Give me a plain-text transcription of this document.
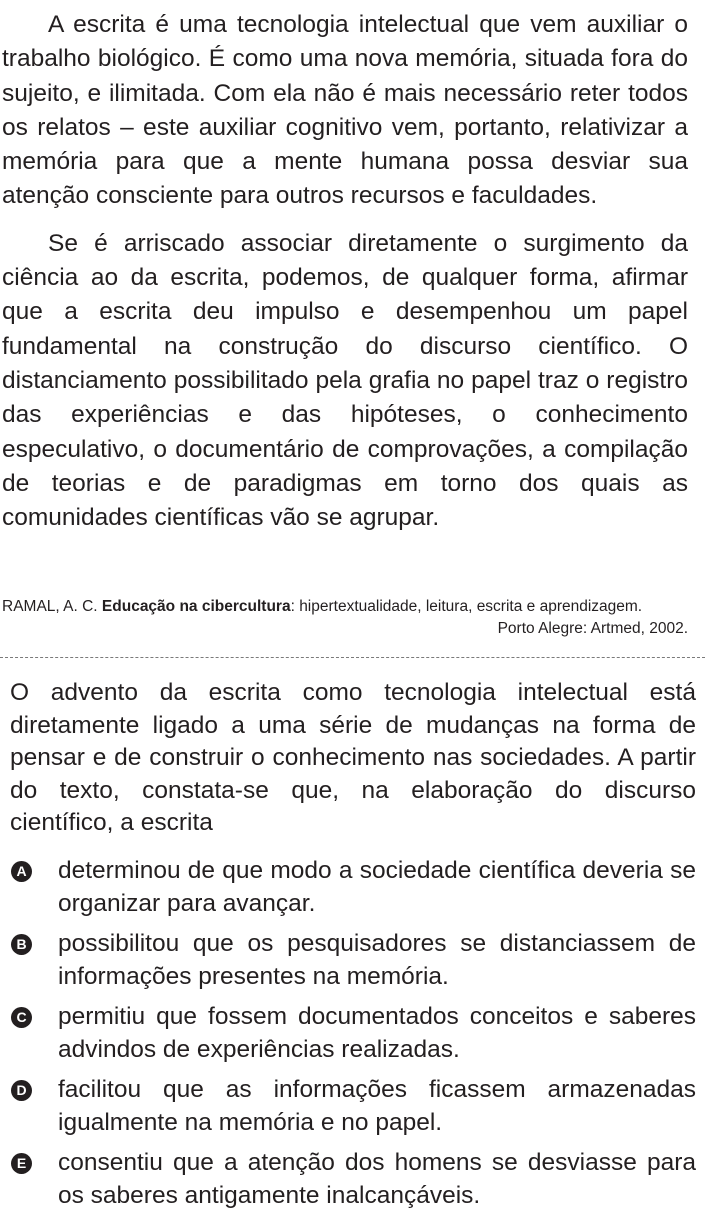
A escrita é uma tecnologia intelectual que vem auxiliar o trabalho biológico. É como uma nova memória, situada fora do sujeito, e ilimitada. Com ela não é mais necessário reter todos os relatos – este auxiliar cognitivo vem, portanto, relativizar a memória para que a mente humana possa desviar sua atenção consciente para outros recursos e faculdades.

Se é arriscado associar diretamente o surgimento da ciência ao da escrita, podemos, de qualquer forma, afirmar que a escrita deu impulso e desempenhou um papel fundamental na construção do discurso científico. O distanciamento possibilitado pela grafia no papel traz o registro das experiências e das hipóteses, o conhecimento especulativo, o documentário de comprovações, a compilação de teorias e de paradigmas em torno dos quais as comunidades científicas vão se agrupar.

RAMAL, A. C. Educação na cibercultura: hipertextualidade, leitura, escrita e aprendizagem.
Porto Alegre: Artmed, 2002.

O advento da escrita como tecnologia intelectual está diretamente ligado a uma série de mudanças na forma de pensar e de construir o conhecimento nas sociedades. A partir do texto, constata-se que, na elaboração do discurso científico, a escrita

A determinou de que modo a sociedade científica deveria se organizar para avançar.
B possibilitou que os pesquisadores se distanciassem de informações presentes na memória.
C permitiu que fossem documentados conceitos e saberes advindos de experiências realizadas.
D facilitou que as informações ficassem armazenadas igualmente na memória e no papel.
E consentiu que a atenção dos homens se desviasse para os saberes antigamente inalcançáveis.
